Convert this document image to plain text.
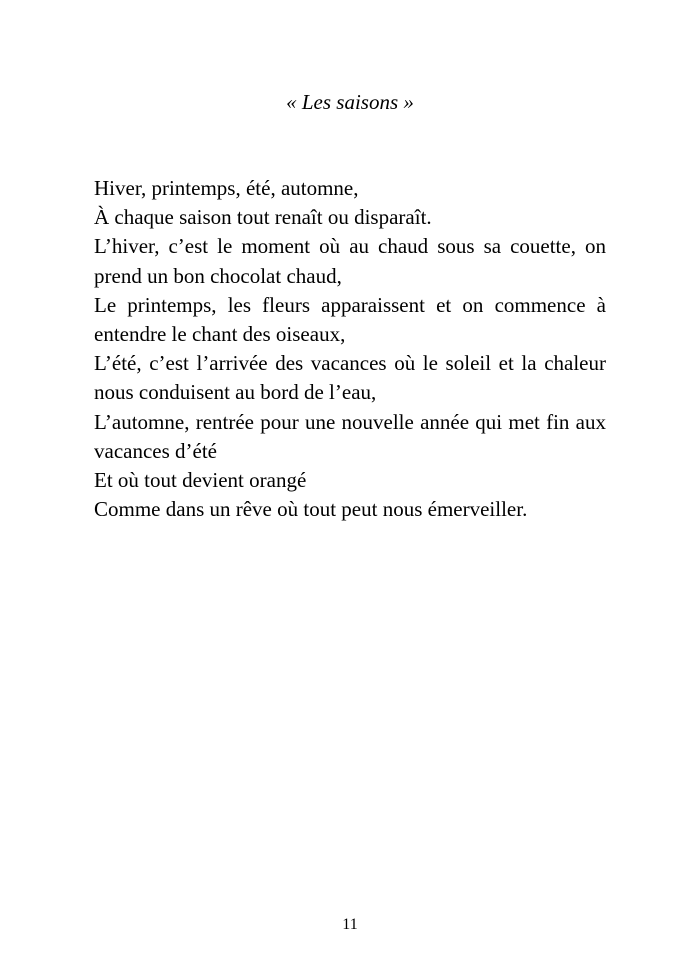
« Les saisons »
Hiver, printemps, été, automne,
À chaque saison tout renaît ou disparaît.
L’hiver, c’est le moment où au chaud sous sa couette, on
prend un bon chocolat chaud,
Le printemps, les fleurs apparaissent et on commence à
entendre le chant des oiseaux,
L’été, c’est l’arrivée des vacances où le soleil et la chaleur
nous conduisent au bord de l’eau,
L’automne, rentrée pour une nouvelle année qui met fin aux
vacances d’été
Et où tout devient orangé
Comme dans un rêve où tout peut nous émerveiller.
11
